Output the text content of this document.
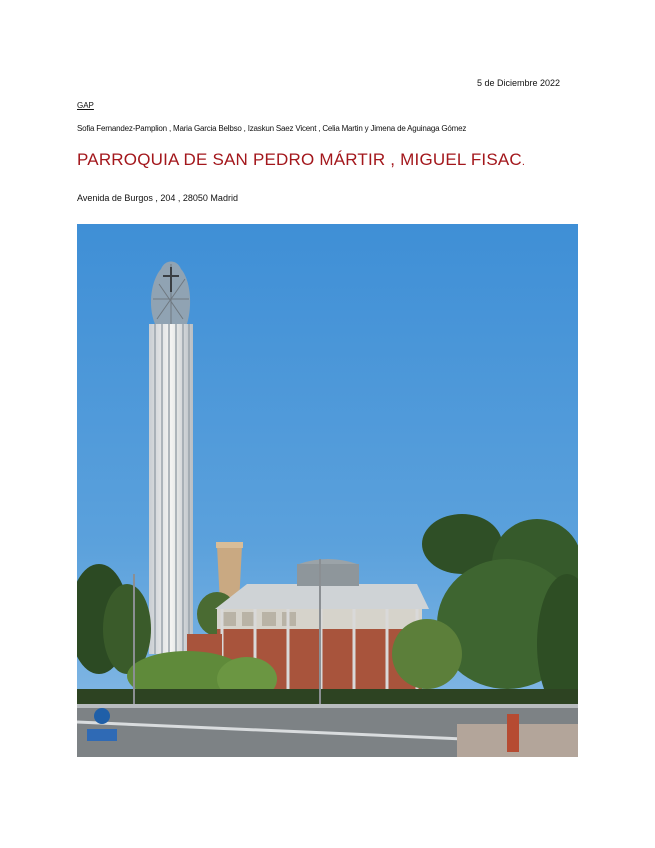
5 de Diciembre 2022
GAP
Sofia Fernandez-Pamplion , Maria Garcia Belbso , Izaskun Saez Vicent , Celia Martin y Jimena de Aguinaga Gómez
PARROQUIA DE SAN PEDRO MÁRTIR , MIGUEL FISAC.
Avenida de Burgos , 204 , 28050 Madrid
